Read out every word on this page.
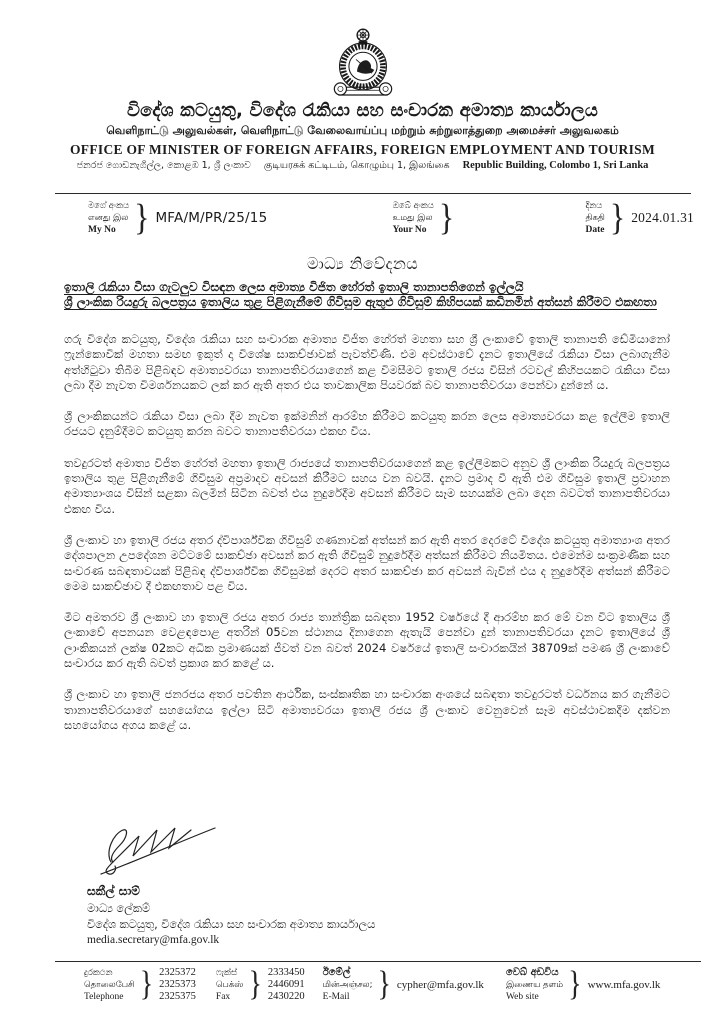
විදේශ කටයුතු, විදේශ රැකියා සහ සංචාරක අමාත්‍ය කාර්යාලය
வெளிநாட்டு அலுவல்கள், வெளிநாட்டு வேலைவாய்ப்பு மற்றும் சுற்றுலாத்துறை அமைச்சர் அலுவலகம்
OFFICE OF MINISTER OF FOREIGN AFFAIRS, FOREIGN EMPLOYMENT AND TOURISM
ජනරජ ගොඩනැගිල්ල, කොළඹ 1, ශ්‍රී ලංකාව குடியரசுக் கட்டிடம், கொழும்பு 1, இலங்கை Republic Building, Colombo 1, Sri Lanka
මගේ අංකය
எனது இல
My No } MFA/M/PR/25/15
ඔබේ අංකය
உமது இல
Your No }	දිනය
திகதி
Date } 2024.01.31
මාධ්‍ය නිවේදනය
ඉතාලි රැකියා වීසා ගැටලුව විසඳන ලෙස අමාත්‍ය විජිත හේරත් ඉතාලි තානාපතිගෙන් ඉල්ලයි
ශ්‍රී ලාංකික රියදුරු බලපත්‍රය ඉතාලිය තුළ පිළිගැනීමේ ගිවිසුම ඇතුළු ගිවිසුම් කිහිපයක් කඩිනමින් අත්සන් කිරීමට එකඟතා

ගරු විදේශ කටයුතු, විදේශ රැකියා සහ සංචාරක අමාත්‍ය විජිත හේරත් මහතා සහ ශ්‍රී ලංකාවේ ඉතාලි තානාපති ඩේමියානෝ ෆ්‍රැන්කොවික් මහතා සමඟ ඉකුත් දා විශේෂ සාකච්ඡාවක් පැවත්විණි. එම අවස්ථාවේ දැනට ඉතාලියේ රැකියා වීසා ලබාගැනීම අත්හිටුවා තිබීම පිළිබඳව අමාත්‍යවරයා තානාපතිවරයාගෙන් කළ විමසීමට ඉතාලි රජය විසින් රටවල් කිහිපයකට රැකියා වීසා ලබා දීම නැවත විමර්ශනයකට ලක් කර ඇති අතර එය තාවකාලික පියවරක් බව තානාපතිවරයා පෙන්වා දුන්නේ ය.

ශ්‍රී ලාංකිකයන්ට රැකියා වීසා ලබා දීම නැවත ඉක්මනින් ආරම්භ කිරීමට කටයුතු කරන ලෙස අමාත්‍යවරයා කළ ඉල්ලීම ඉතාලි රජයට දැනුම්දීමට කටයුතු කරන බවට තානාපතිවරයා එකඟ විය.

තවදුරටත් අමාත්‍ය විජිත හේරත් මහතා ඉතාලි රාජ්‍යයේ තානාපතිවරයාගෙන් කළ ඉල්ලීමකට අනුව ශ්‍රී ලාංකික රියදුරු බලපත්‍රය ඉතාලිය තුළ පිළිගැනීමේ ගිවිසුම අප්‍රමාදව අවසන් කිරීමට සහය වන බවයි. දැනට ප්‍රමාද වී ඇති එම ගිවිසුම ඉතාලි ප්‍රවාහන අමාත්‍යාංශය විසින් සළකා බලමින් සිටින බවත් එය නුදුරේදීම අවසන් කිරීමට සෑම සහයක්ම ලබා දෙන බවටත් තානාපතිවරයා එකඟ විය.

ශ්‍රී ලංකාව හා ඉතාලි රජය අතර ද්විපාර්ශ්වික ගිවිසුම් ගණනාවක් අත්සන් කර ඇති අතර දෙරටේ විදේශ කටයුතු අමාත්‍යාංශ අතර දේශපාලන උපදේශන මට්ටමේ සාකච්ඡා අවසන් කර ඇති ගිවිසුම් නුදුරේදීම අත්සන් කිරීමට නියමිතය. එමෙන්ම සංක්‍රමණික සහ සංචරණ සබඳතාවයක් පිළිබඳ ද්විපාර්ශ්වික ගිවිසුමක් දෙරට අතර සාකච්ඡා කර අවසන් බැවින් එය ද නුදුරේදීම අත්සන් කිරීමට මෙම සාකච්ඡාව දී එකඟතාව පළ විය.

මීට අමතරව ශ්‍රී ලංකාව හා ඉතාලි රජය අතර රාජ්‍ය තාන්ත්‍රික සබඳතා 1952 වර්ෂයේ දී ආරම්භ කර මේ වන විට ඉතාලිය ශ්‍රී ලංකාවේ අපනයන වෙළඳපොළ අතරින් 05වන ස්ථානය දිනාගෙන ඇතැයි පෙන්වා දුන් තානාපතිවරයා දැනට ඉතාලියේ ශ්‍රී ලාංකිකයන් ලක්ෂ 02කට අධික ප්‍රමාණයක් ජීවත් වන බවත් 2024 වර්ෂයේ ඉතාලි සංචාරකයින් 38709ක් පමණ ශ්‍රී ලංකාවේ සංචාරය කර ඇති බවත් ප්‍රකාශ කර කළේ ය.

ශ්‍රී ලංකාව හා ඉතාලි ජනරජය අතර පවතින ආර්ථික, සංස්කෘතික හා සංචාරක අංශයේ සබඳතා තවදුරටත් වර්ධනය කර ගැනීමට තානාපතිවරයාගේ සහයෝගය ඉල්ලා සිටි අමාත්‍යවරයා ඉතාලි රජය ශ්‍රී ලංකාව වෙනුවෙන් සෑම අවස්ථාවකදීම දක්වන සහයෝගය අගය කළේ ය.

සකීල් සාම්
මාධ්‍ය ලේකම්
විදේශ කටයුතු, විදේශ රැකියා සහ සංචාරක අමාත්‍ය කාර්යාලය
media.secretary@mfa.gov.lk
දුරකථන
தொலைபேசி
Telephone } 2325372
2325373
2325375
ෆැක්ස්
பெக்ஸ்
Fax } 2333450
2446091
2430220
ඊමේල්
மின்அஞ்சல;
E-Mail } cypher@mfa.gov.lk
වෙබ් අඩවිය
இணைய தளம்
Web site	} www.mfa.gov.lk
